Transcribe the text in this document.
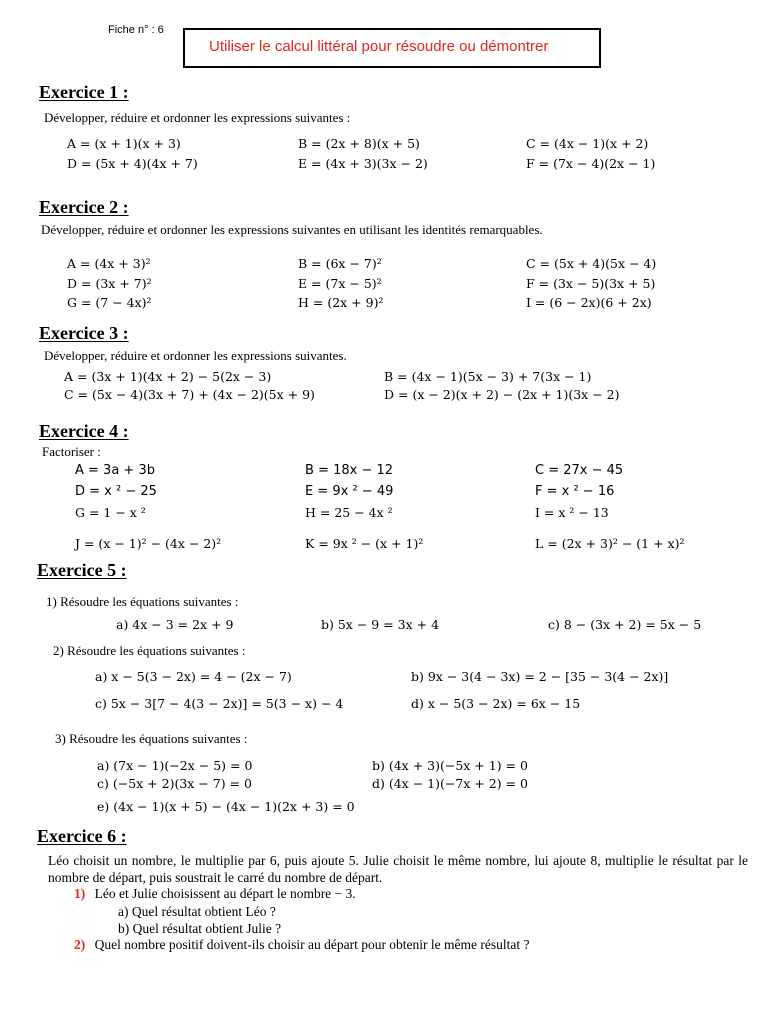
Fiche n° : 6
Utiliser le calcul littéral pour résoudre ou démontrer
Exercice 1 :
Développer, réduire et ordonner les expressions suivantes :
A = (x + 1)(x + 3)	B = (2x + 8)(x + 5)	C = (4x − 1)(x + 2)
D = (5x + 4)(4x + 7)	E = (4x + 3)(3x − 2)	F = (7x − 4)(2x − 1)
Exercice 2 :
Développer, réduire et ordonner les expressions suivantes en utilisant les identités remarquables.
A = (4x + 3)²	B = (6x − 7)²	C = (5x + 4)(5x − 4)
D = (3x + 7)²	E = (7x − 5)²	F = (3x − 5)(3x + 5)
G = (7 − 4x)²	H = (2x + 9)²	I = (6 − 2x)(6 + 2x)
Exercice 3 :
Développer, réduire et ordonner les expressions suivantes.
A = (3x + 1)(4x + 2) − 5(2x − 3)	B = (4x − 1)(5x − 3) + 7(3x − 1)
C = (5x − 4)(3x + 7) + (4x − 2)(5x + 9)	D = (x − 2)(x + 2) − (2x + 1)(3x − 2)
Exercice 4 :
Factoriser :
A = 3a + 3b	B = 18x − 12	C = 27x − 45
D = x ² − 25	E = 9x ² − 49	F = x ² − 16
G = 1 − x ²	H = 25 − 4x ²	I = x ² − 13
J = (x − 1)² − (4x − 2)²	K = 9x ² − (x + 1)²	L = (2x + 3)² − (1 + x)²
Exercice 5 :
1) Résoudre les équations suivantes :
a) 4x − 3 = 2x + 9	b) 5x − 9 = 3x + 4	c) 8 − (3x + 2) = 5x − 5
2) Résoudre les équations suivantes :
a) x − 5(3 − 2x) = 4 − (2x − 7)	b) 9x − 3(4 − 3x) = 2 − [35 − 3(4 − 2x)]
c) 5x − 3[7 − 4(3 − 2x)] = 5(3 − x) − 4	d) x − 5(3 − 2x) = 6x − 15
3) Résoudre les équations suivantes :
a) (7x − 1)(−2x − 5) = 0	b) (4x + 3)(−5x + 1) = 0
c) (−5x + 2)(3x − 7) = 0	d) (4x − 1)(−7x + 2) = 0
e) (4x − 1)(x + 5) − (4x − 1)(2x + 3) = 0
Exercice 6 :
Léo choisit un nombre, le multiplie par 6, puis ajoute 5. Julie choisit le même nombre, lui ajoute 8, multiplie le résultat par le nombre de départ, puis soustrait le carré du nombre de départ.
1) Léo et Julie choisissent au départ le nombre − 3.
a) Quel résultat obtient Léo ?
b) Quel résultat obtient Julie ?
2) Quel nombre positif doivent-ils choisir au départ pour obtenir le même résultat ?
